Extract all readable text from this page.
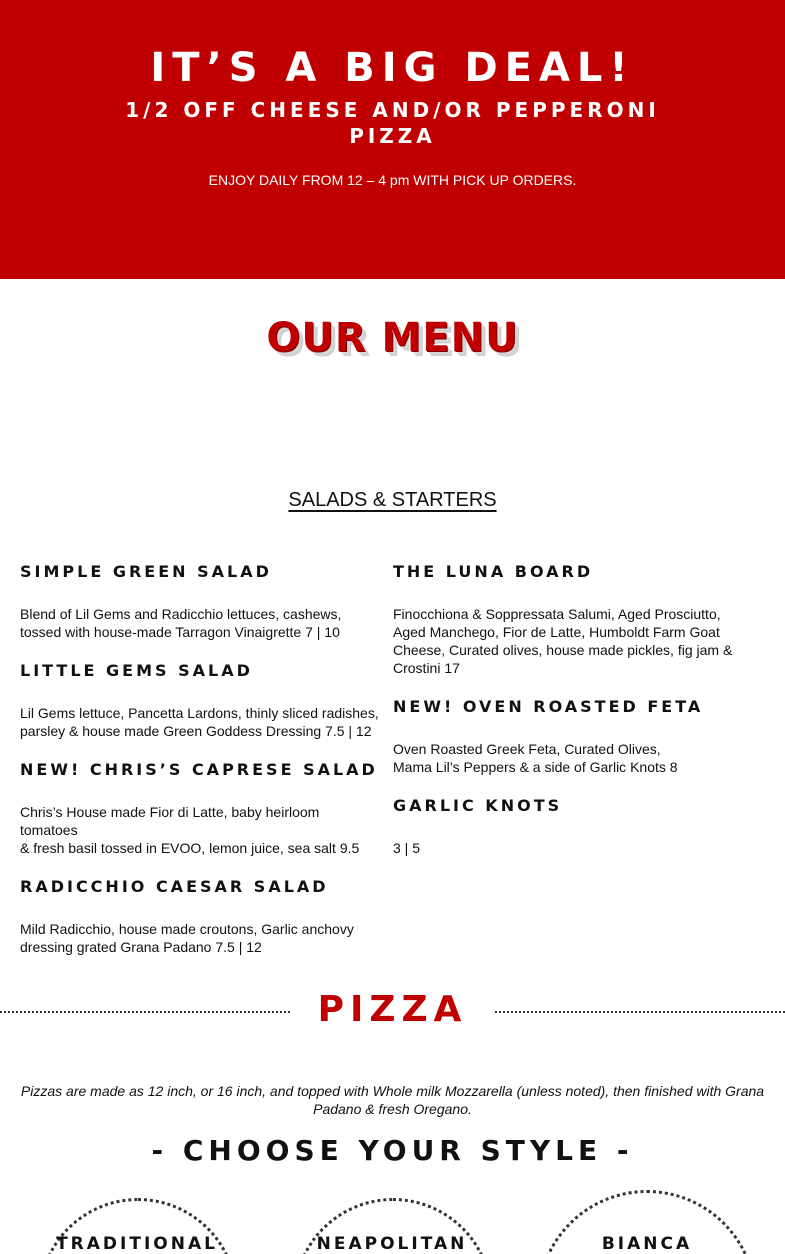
IT’S A BIG DEAL!
1/2 OFF CHEESE AND/OR PEPPERONI PIZZA
ENJOY DAILY FROM 12 – 4 pm WITH PICK UP ORDERS.
OUR MENU
SALADS & STARTERS
SIMPLE GREEN SALAD
Blend of Lil Gems and Radicchio lettuces, cashews, tossed with house-made Tarragon Vinaigrette 7 | 10
LITTLE GEMS SALAD
Lil Gems lettuce, Pancetta Lardons, thinly sliced radishes, parsley & house made Green Goddess Dressing 7.5 | 12
NEW! CHRIS’S CAPRESE SALAD
Chris’s House made Fior di Latte, baby heirloom tomatoes
& fresh basil tossed in EVOO, lemon juice, sea salt 9.5
RADICCHIO CAESAR SALAD
Mild Radicchio, house made croutons, Garlic anchovy dressing grated Grana Padano 7.5 | 12
THE LUNA BOARD
Finocchiona & Soppressata Salumi, Aged Prosciutto, Aged Manchego, Fior de Latte, Humboldt Farm Goat Cheese, Curated olives, house made pickles, fig jam & Crostini 17
NEW! OVEN ROASTED FETA
Oven Roasted Greek Feta, Curated Olives,
Mama Lil’s Peppers & a side of Garlic Knots 8
GARLIC KNOTS
3 | 5
PIZZA
Pizzas are made as 12 inch, or 16 inch, and topped with Whole milk Mozzarella (unless noted), then finished with Grana Padano & fresh Oregano.
- CHOOSE YOUR STYLE -
TRADITIONAL	NEAPOLITAN	BIANCA
